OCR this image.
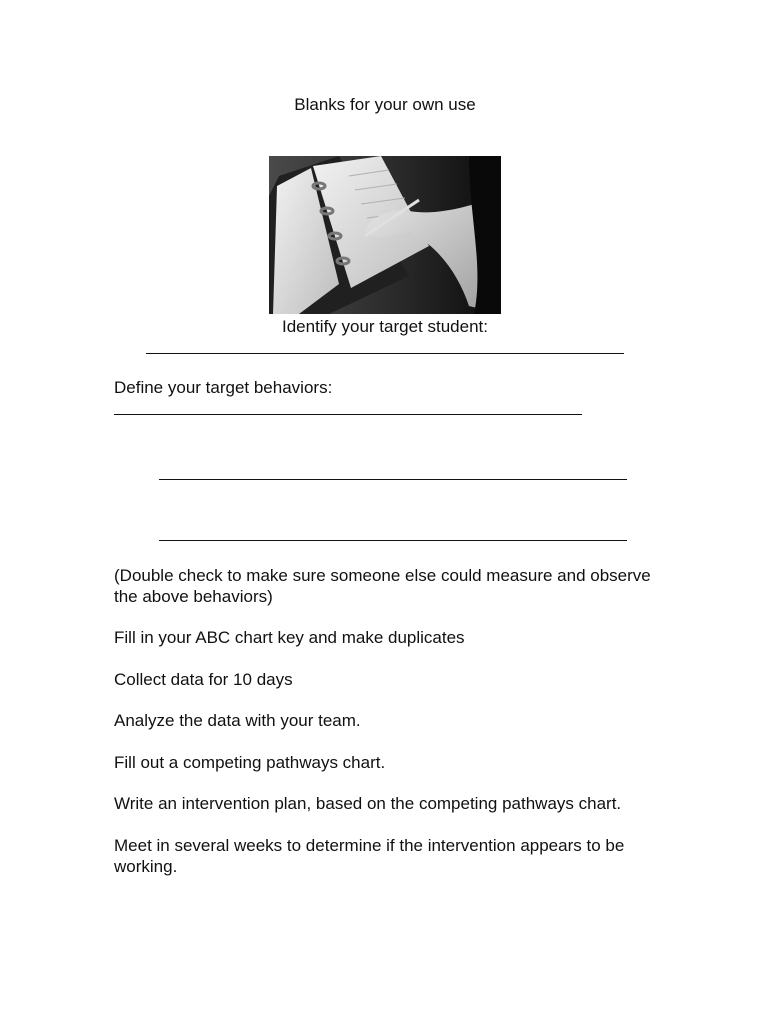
Blanks for your own use
Identify your target student:
Define your target behaviors:
(Double check to make sure someone else could measure and observe the above behaviors)
Fill in your ABC chart key and make duplicates
Collect data for 10 days
Analyze the data with your team.
Fill out a competing pathways chart.
Write an intervention plan, based on the competing pathways chart.
Meet in several weeks to determine if the intervention appears to be working.
